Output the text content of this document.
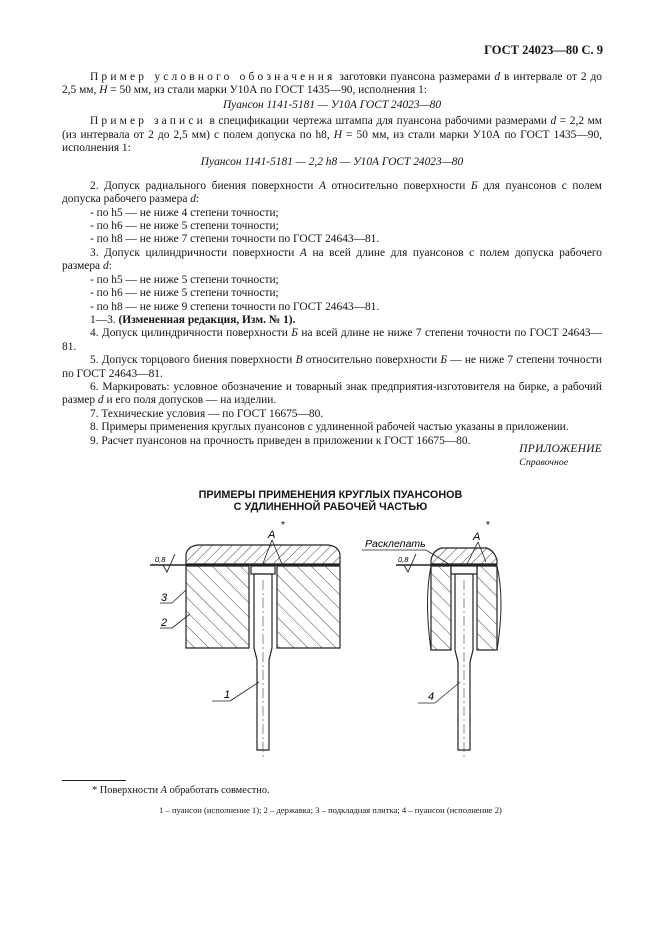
ГОСТ 24023—80 С. 9

Пример условного обозначения заготовки пуансона размерами d в интервале от 2 до 2,5 мм, H = 50 мм, из стали марки У10А по ГОСТ 1435—90, исполнения 1:

Пуансон 1141-5181 — У10А ГОСТ 24023—80

Пример записи в спецификации чертежа штампа для пуансона рабочими размерами d = 2,2 мм (из интервала от 2 до 2,5 мм) с полем допуска по h8, H = 50 мм, из стали марки У10А по ГОСТ 1435—90, исполнения 1:

Пуансон 1141-5181 — 2,2 h8 — У10А ГОСТ 24023—80

2. Допуск радиального биения поверхности А относительно поверхности Б для пуансонов с полем допуска рабочего размера d:

- по h5 — не ниже 4 степени точности;

- по h6 — не ниже 5 степени точности;

- по h8 — не ниже 7 степени точности по ГОСТ 24643—81.

3. Допуск цилиндричности поверхности А на всей длине для пуансонов с полем допуска рабочего размера d:

- по h5 — не ниже 5 степени точности;

- по h6 — не ниже 5 степени точности;

- по h8 — не ниже 9 степени точности по ГОСТ 24643—81.

1—3. (Измененная редакция, Изм. № 1).

4. Допуск цилиндричности поверхности Б на всей длине не ниже 7 степени точности по ГОСТ 24643—81.

5. Допуск торцового биения поверхности В относительно поверхности Б — не ниже 7 степени точности по ГОСТ 24643—81.

6. Маркировать: условное обозначение и товарный знак предприятия-изготовителя на бирке, а рабочий размер d и его поля допусков — на изделии.

7. Технические условия — по ГОСТ 16675—80.

8. Примеры применения круглых пуансонов с удлиненной рабочей частью указаны в приложении.

9. Расчет пуансонов на прочность приведен в приложении к ГОСТ 16675—80.

ПРИЛОЖЕНИЕ
Справочное
ПРИМЕРЫ ПРИМЕНЕНИЯ КРУГЛЫХ ПУАНСОНОВ
С УДЛИНЕННОЙ РАБОЧЕЙ ЧАСТЬЮ
А
*
0,8
3
2
1
А
*
Расклепать
0,8
4
* Поверхности А обработать совместно.
1 – пуансон (исполнение 1); 2 – державка; 3 – подкладная плитка; 4 – пуансон (исполнение 2)
